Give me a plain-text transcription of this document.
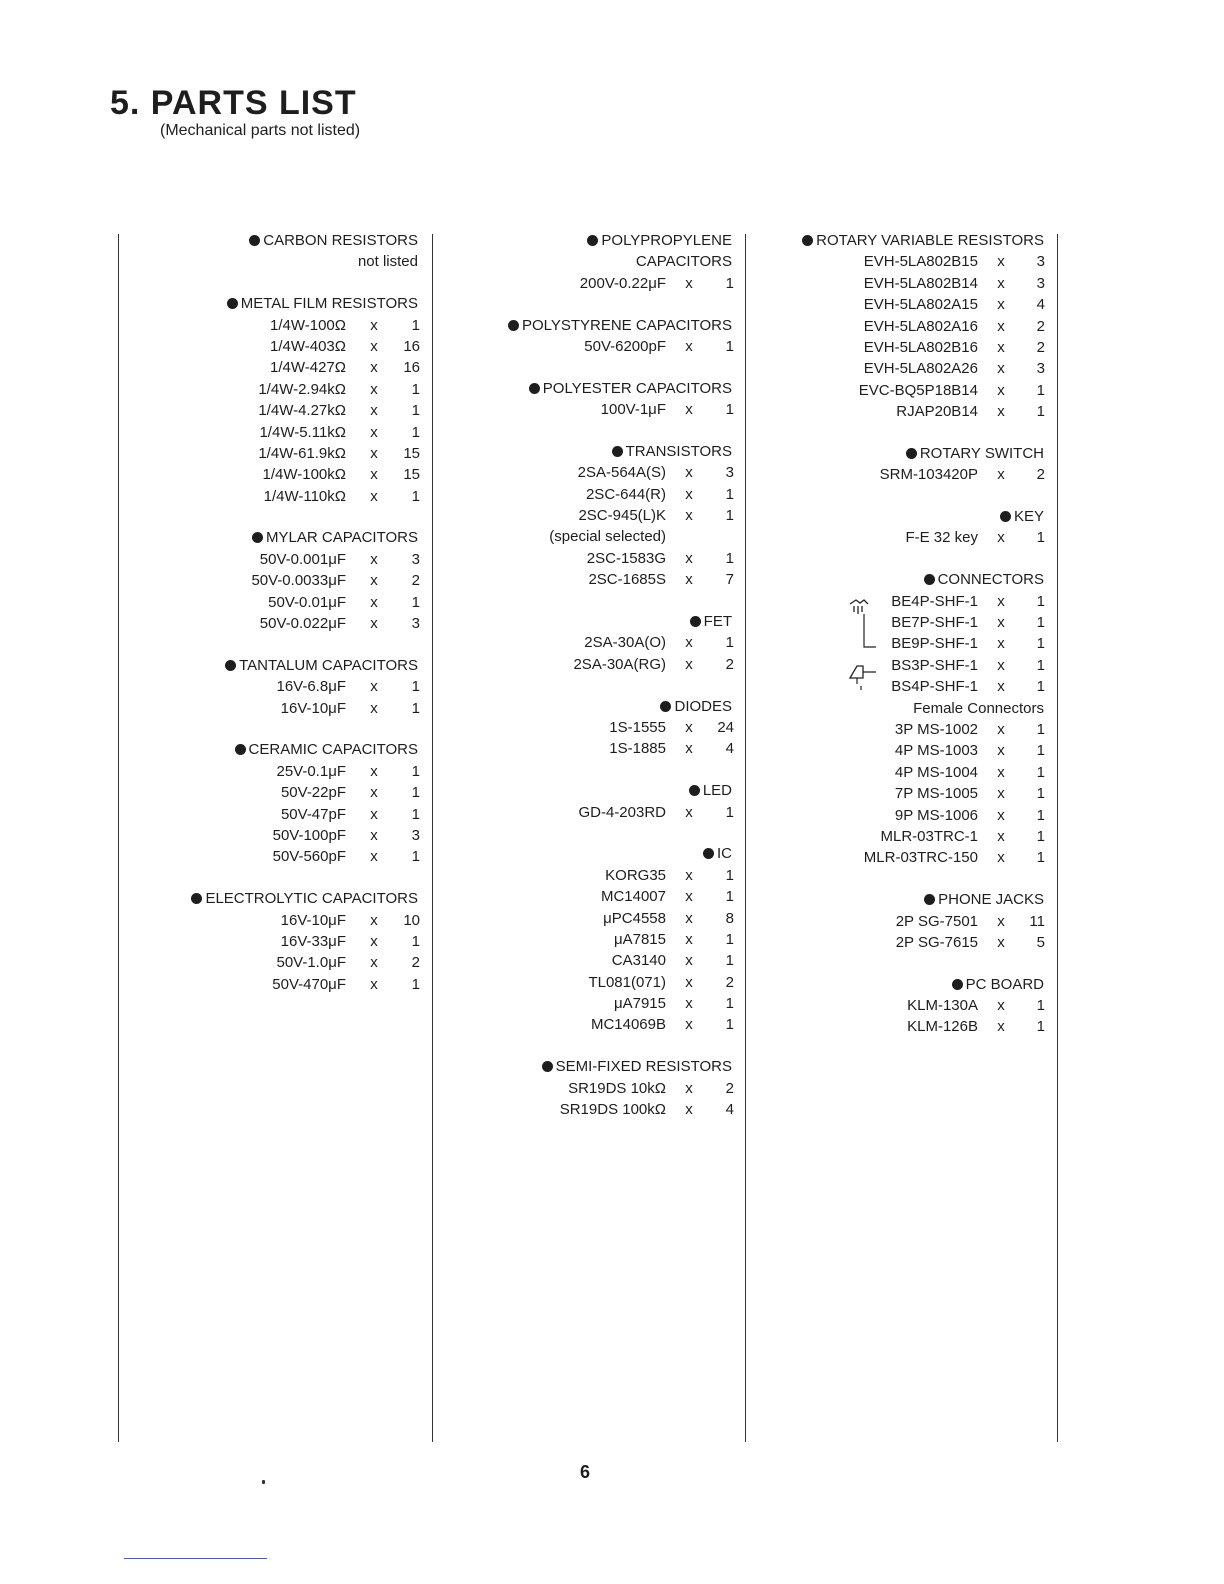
5. PARTS LIST
(Mechanical parts not listed)
CARBON RESISTORS
not listed
METAL FILM RESISTORS
1/4W-100Ω x	1
1/4W-403Ω x	16
1/4W-427Ω x	16
1/4W-2.94kΩ x	1
1/4W-4.27kΩ x	1
1/4W-5.11kΩ x	1
1/4W-61.9kΩ x	15
1/4W-100kΩ x	15
1/4W-110kΩ x	1
MYLAR CAPACITORS
50V-0.001μF x	3
50V-0.0033μF x	2
50V-0.01μF x	1
50V-0.022μF x	3
TANTALUM CAPACITORS
16V-6.8μF x	1
16V-10μF x	1
CERAMIC CAPACITORS
25V-0.1μF x	1
50V-22pF x	1
50V-47pF x	1
50V-100pF x	3
50V-560pF x	1
ELECTROLYTIC CAPACITORS
16V-10μF x	10
16V-33μF x	1
50V-1.0μF x	2
50V-470μF x	1
POLYPROPYLENE
CAPACITORS
200V-0.22μF x	1
POLYSTYRENE CAPACITORS
50V-6200pF x	1
POLYESTER CAPACITORS
100V-1μF x	1
TRANSISTORS
2SA-564A(S) x	3
2SC-644(R) x	1
2SC-945(L)K x	1
(special selected)
2SC-1583G x	1
2SC-1685S x	7
FET
2SA-30A(O) x	1
2SA-30A(RG) x	2
DIODES
1S-1555 x	24
1S-1885 x	4
LED
GD-4-203RD x	1
IC
KORG35 x	1
MC14007 x	1
μPC4558 x	8
μA7815 x	1
CA3140 x	1
TL081(071) x	2
μA7915 x	1
MC14069B x	1
SEMI-FIXED RESISTORS
SR19DS 10kΩ x	2
SR19DS 100kΩ x	4
ROTARY VARIABLE RESISTORS
EVH-5LA802B15 x	3
EVH-5LA802B14 x	3
EVH-5LA802A15 x	4
EVH-5LA802A16 x	2
EVH-5LA802B16 x	2
EVH-5LA802A26 x	3
EVC-BQ5P18B14 x	1
RJAP20B14 x	1
ROTARY SWITCH
SRM-103420P x	2
KEY
F-E 32 key x	1
CONNECTORS
BE4P-SHF-1 x	1
BE7P-SHF-1 x	1
BE9P-SHF-1 x	1
BS3P-SHF-1 x	1
BS4P-SHF-1 x	1
Female Connectors
3P MS-1002 x	1
4P MS-1003 x	1
4P MS-1004 x	1
7P MS-1005 x	1
9P MS-1006 x	1
MLR-03TRC-1 x	1
MLR-03TRC-150 x	1
PHONE JACKS
2P SG-7501 x	11
2P SG-7615 x	5
PC BOARD
KLM-130A x	1
KLM-126B x	1
6
